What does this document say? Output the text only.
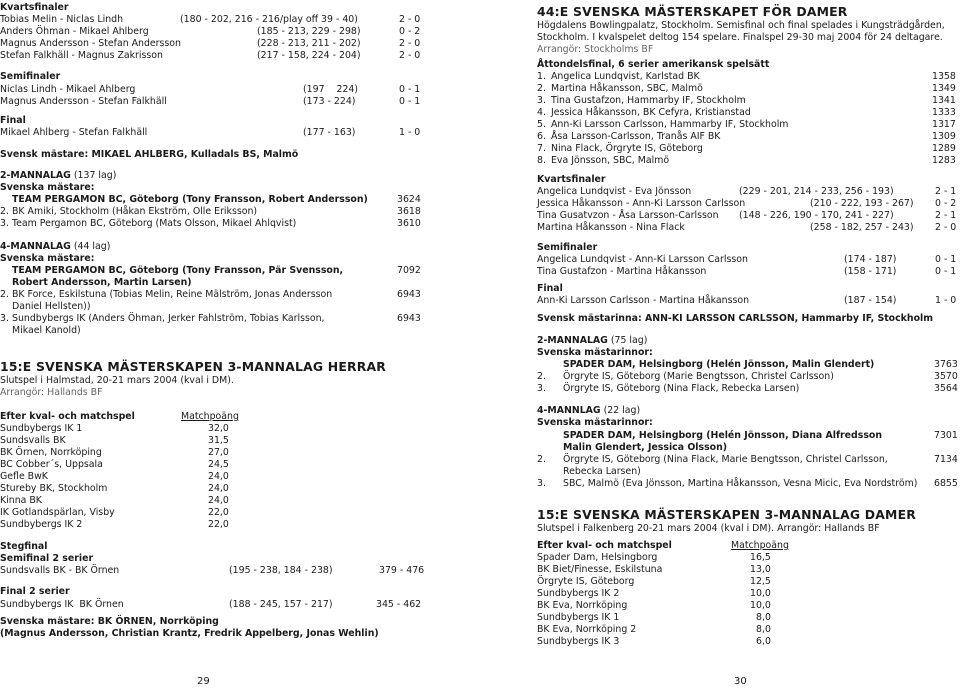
Kvartsfinaler
Tobias Melin - Niclas Lindh	(180 - 202, 216 - 216/play off 39 - 40)	2 - 0
Anders Öhman - Mikael Ahlberg	(185 - 213, 229 - 298)	0 - 2
Magnus Andersson - Stefan Andersson	(228 - 213, 211 - 202)	2 - 0
Stefan Falkhäll - Magnus Zakrisson	(217 - 158, 224 - 204)	2 - 0
Semifinaler
Niclas Lindh - Mikael Ahlberg	(197    224)	0 - 1
Magnus Andersson - Stefan Falkhäll	(173 - 224)	0 - 1
Final
Mikael Ahlberg - Stefan Falkhäll	(177 - 163)	1 - 0
Svensk mästare: MIKAEL AHLBERG, Kulladals BS, Malmö
2-MANNALAG (137 lag)
Svenska mästare:
TEAM PERGAMON BC, Göteborg (Tony Fransson, Robert Andersson)	3624
2. BK Amiki, Stockholm (Håkan Ekström, Olle Eriksson)	3618
3. Team Pergamon BC, Göteborg (Mats Olsson, Mikael Ahlqvist)	3610
4-MANNALAG (44 lag)
Svenska mästare:
TEAM PERGAMON BC, Göteborg (Tony Fransson, Pär Svensson,	7092
Robert Andersson, Martin Larsen)
2. BK Force, Eskilstuna (Tobias Melin, Reine Mälström, Jonas Andersson	6943
Daniel Hellsten))
3. Sundbybergs IK (Anders Öhman, Jerker Fahlström, Tobias Karlsson,	6943
Mikael Kanold)
15:E SVENSKA MÄSTERSKAPEN 3-MANNALAG HERRAR
Slutspel i Halmstad, 20-21 mars 2004 (kval i DM).
Arrangör: Hallands BF
Efter kval- och matchspel	Matchpoäng
Sundbybergs IK 1	32,0
Sundsvalls BK	31,5
BK Örnen, Norrköping	27,0
BC Cobber´s, Uppsala	24,5
Gefle BwK	24,0
Stureby BK, Stockholm	24,0
Kinna BK	24,0
IK Gotlandspärlan, Visby	22,0
Sundbybergs IK 2	22,0
Stegfinal
Semifinal 2 serier
Sundsvalls BK - BK Örnen	(195 - 238, 184 - 238)	379 - 476
Final 2 serier
Sundbybergs IK  BK Örnen	(188 - 245, 157 - 217)	345 - 462
Svenska mästare: BK ÖRNEN, Norrköping
(Magnus Andersson, Christian Krantz, Fredrik Appelberg, Jonas Wehlin)
29
44:E SVENSKA MÄSTERSKAPET FÖR DAMER
Högdalens Bowlingpalatz, Stockholm. Semisfinal och final spelades i Kungsträdgården,
Stockholm. I kvalspelet deltog 154 spelare. Finalspel 29-30 maj 2004 för 24 deltagare.
Arrangör: Stockholms BF
Åttondelsfinal, 6 serier amerikansk spelsätt
1. Angelica Lundqvist, Karlstad BK	1358
2. Martina Håkansson, SBC, Malmö	1349
3. Tina Gustafzon, Hammarby IF, Stockholm	1341
4. Jessica Håkansson, BK Cefyra, Kristianstad	1333
5. Ann-Ki Larsson Carlsson, Hammarby IF, Stockholm	1317
6. Åsa Larsson-Carlsson, Tranås AIF BK	1309
7. Nina Flack, Örgryte IS, Göteborg	1289
8. Eva Jönsson, SBC, Malmö	1283
Kvartsfinaler
Angelica Lundqvist - Eva Jönsson	(229 - 201, 214 - 233, 256 - 193)	2 - 1
Jessica Håkansson - Ann-Ki Larsson Carlsson	(210 - 222, 193 - 267) 0 - 2
Tina Gusatvzon - Åsa Larsson-Carlsson (148 - 226, 190 - 170, 241 - 227)	2 - 1
Martina Håkansson - Nina Flack	(258 - 182, 257 - 243) 2 - 0
Semifinaler
Angelica Lundqvist - Ann-Ki Larsson Carlsson	(174 - 187)	0 - 1
Tina Gustafzon - Martina Håkansson	(158 - 171)	0 - 1
Final
Ann-Ki Larsson Carlsson - Martina Håkansson	(187 - 154)	1 - 0
Svensk mästarinna: ANN-KI LARSSON CARLSSON, Hammarby IF, Stockholm
2-MANNALAG (75 lag)
Svenska mästarinnor:
SPADER DAM, Helsingborg (Helén Jönsson, Malin Glendert)	3763
2. Örgryte IS, Göteborg (Marie Bengtsson, Christel Carlsson)	3570
3. Örgryte IS, Göteborg (Nina Flack, Rebecka Larsen)	3564
4-MANNLAG (22 lag)
Svenska mästarinnor:
SPADER DAM, Helsingborg (Helén Jönsson, Diana Alfredsson	7301
Malin Glendert, Jessica Olsson)
2. Örgryte IS, Göteborg (Nina Flack, Marie Bengtsson, Christel Carlsson,	7134
Rebecka Larsen)
3. SBC, Malmö (Eva Jönsson, Martina Håkansson, Vesna Micic, Eva Nordström) 6855
15:E SVENSKA MÄSTERSKAPEN 3-MANNALAG DAMER
Slutspel i Falkenberg 20-21 mars 2004 (kval i DM). Arrangör: Hallands BF
Efter kval- och matchspel	Matchpoäng
Spader Dam, Helsingborg	16,5
BK Biet/Finesse, Eskilstuna	13,0
Örgryte IS, Göteborg	12,5
Sundbybergs IK 2	10,0
BK Eva, Norrköping	10,0
Sundbybergs IK 1	8,0
BK Eva, Norrköping 2	8,0
Sundbybergs IK 3	6,0
30
